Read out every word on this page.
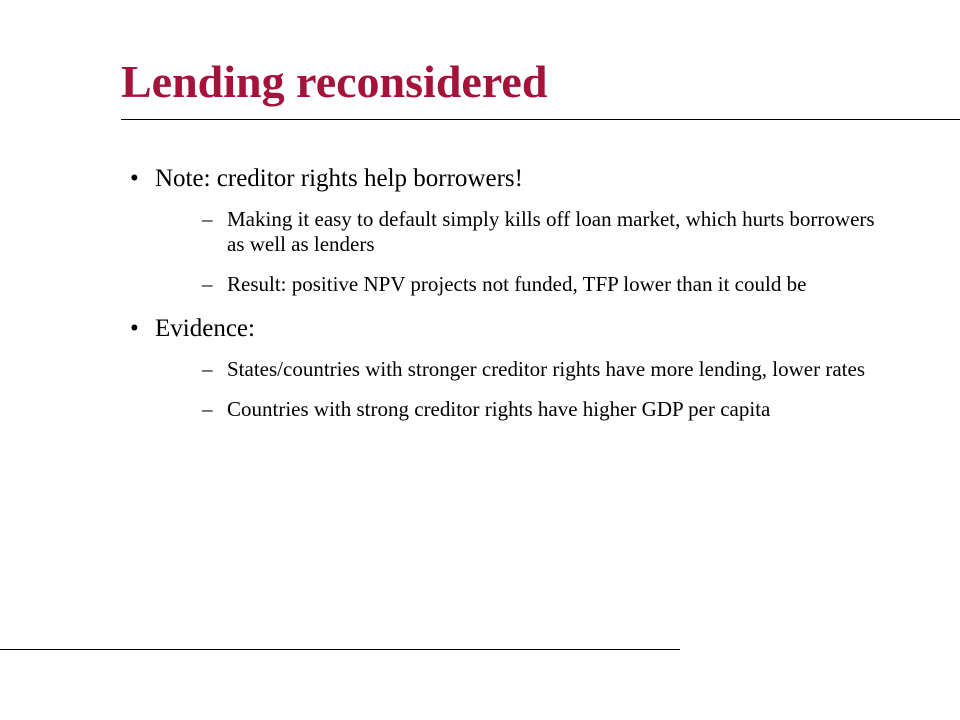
Lending reconsidered
• Note: creditor rights help borrowers!
– Making it easy to default simply kills off loan market, which hurts borrowers as well as lenders
– Result: positive NPV projects not funded, TFP lower than it could be
• Evidence:
– States/countries with stronger creditor rights have more lending, lower rates
– Countries with strong creditor rights have higher GDP per capita
